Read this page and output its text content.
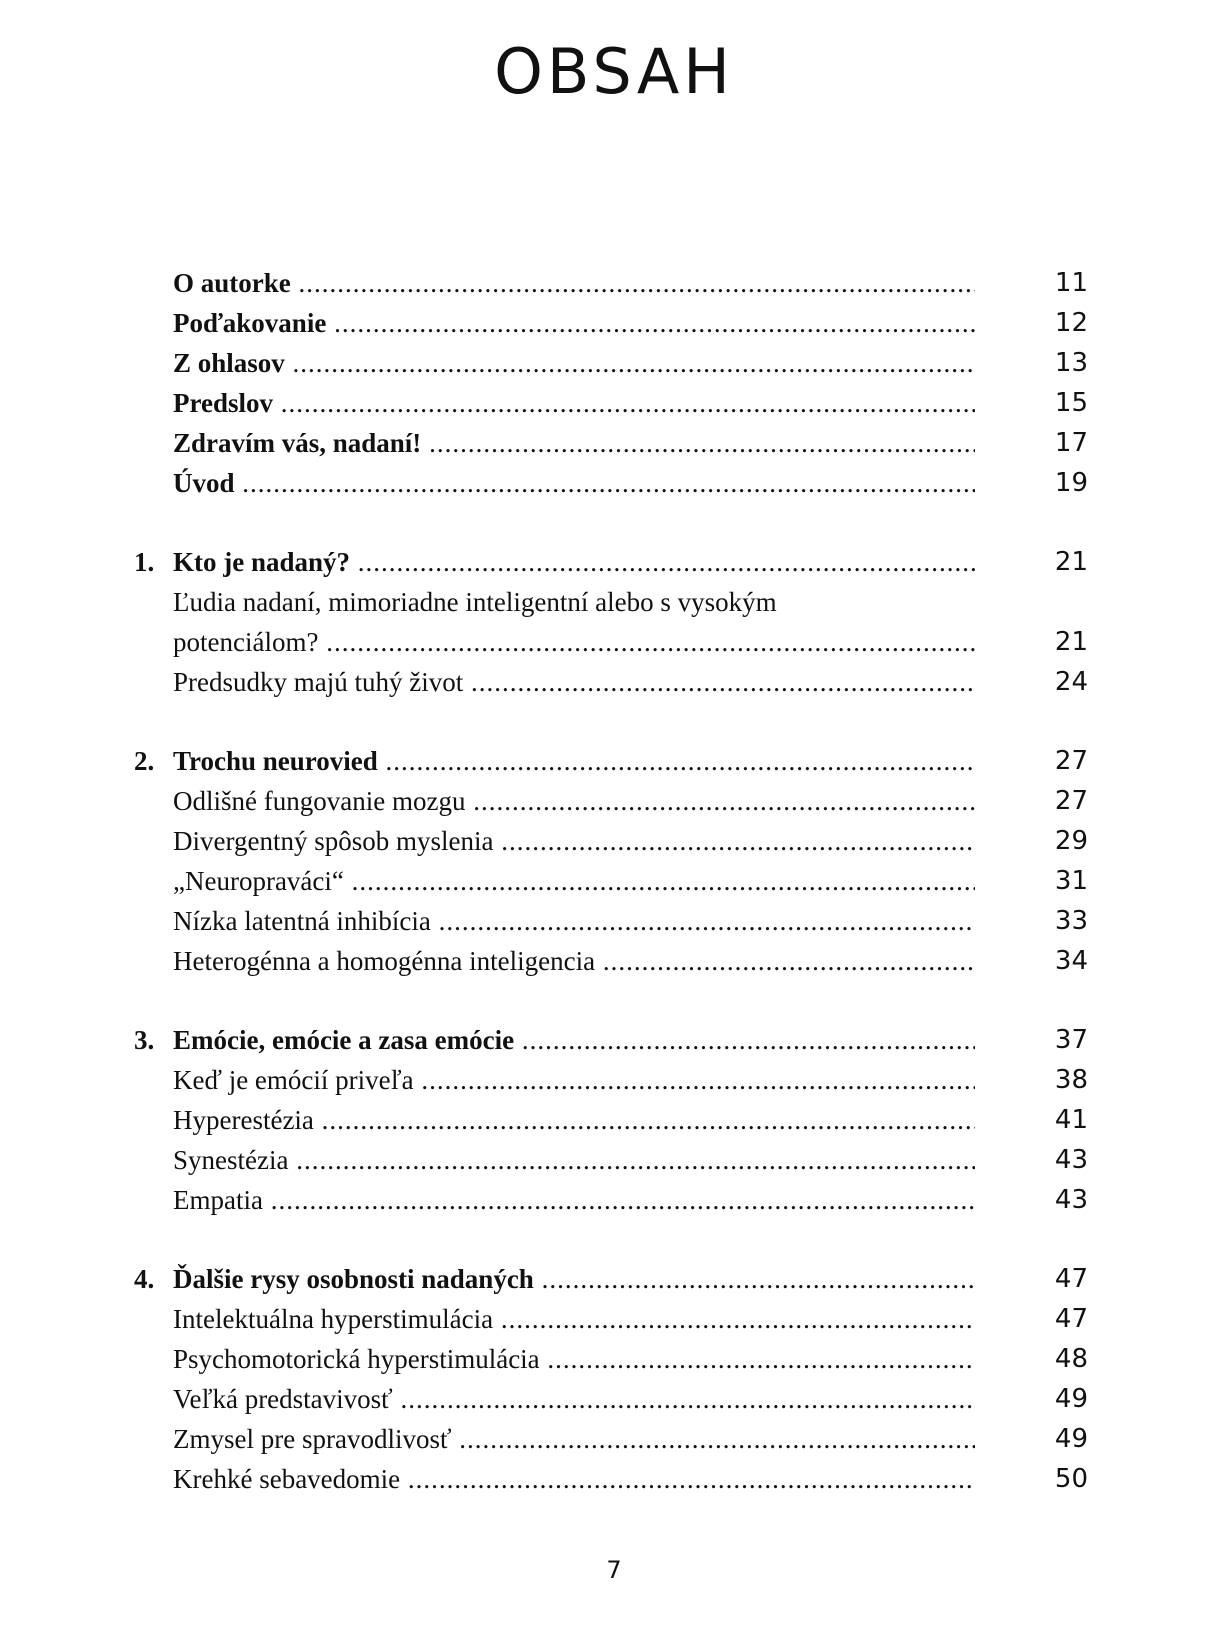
OBSAH
O autorke .....	11
Poďakovanie .....	12
Z ohlasov .....	13
Predslov .....	15
Zdravím vás, nadaní! .....	17
Úvod .....	19
1. Kto je nadaný? .....	21
Ľudia nadaní, mimoriadne inteligentní alebo s vysokým
potenciálom? .....	21
Predsudky majú tuhý život .....	24
2. Trochu neurovied .....	27
Odlišné fungovanie mozgu .....	27
Divergentný spôsob myslenia .....	29
„Neuropraváci“ .....	31
Nízka latentná inhibícia .....	33
Heterogénna a homogénna inteligencia .....	34
3. Emócie, emócie a zasa emócie .....	37
Keď je emócií priveľa .....	38
Hyperestézia .....	41
Synestézia .....	43
Empatia .....	43
4. Ďalšie rysy osobnosti nadaných .....	47
Intelektuálna hyperstimulácia .....	47
Psychomotorická hyperstimulácia .....	48
Veľká predstavivosť .....	49
Zmysel pre spravodlivosť .....	49
Krehké sebavedomie .....	50
7
